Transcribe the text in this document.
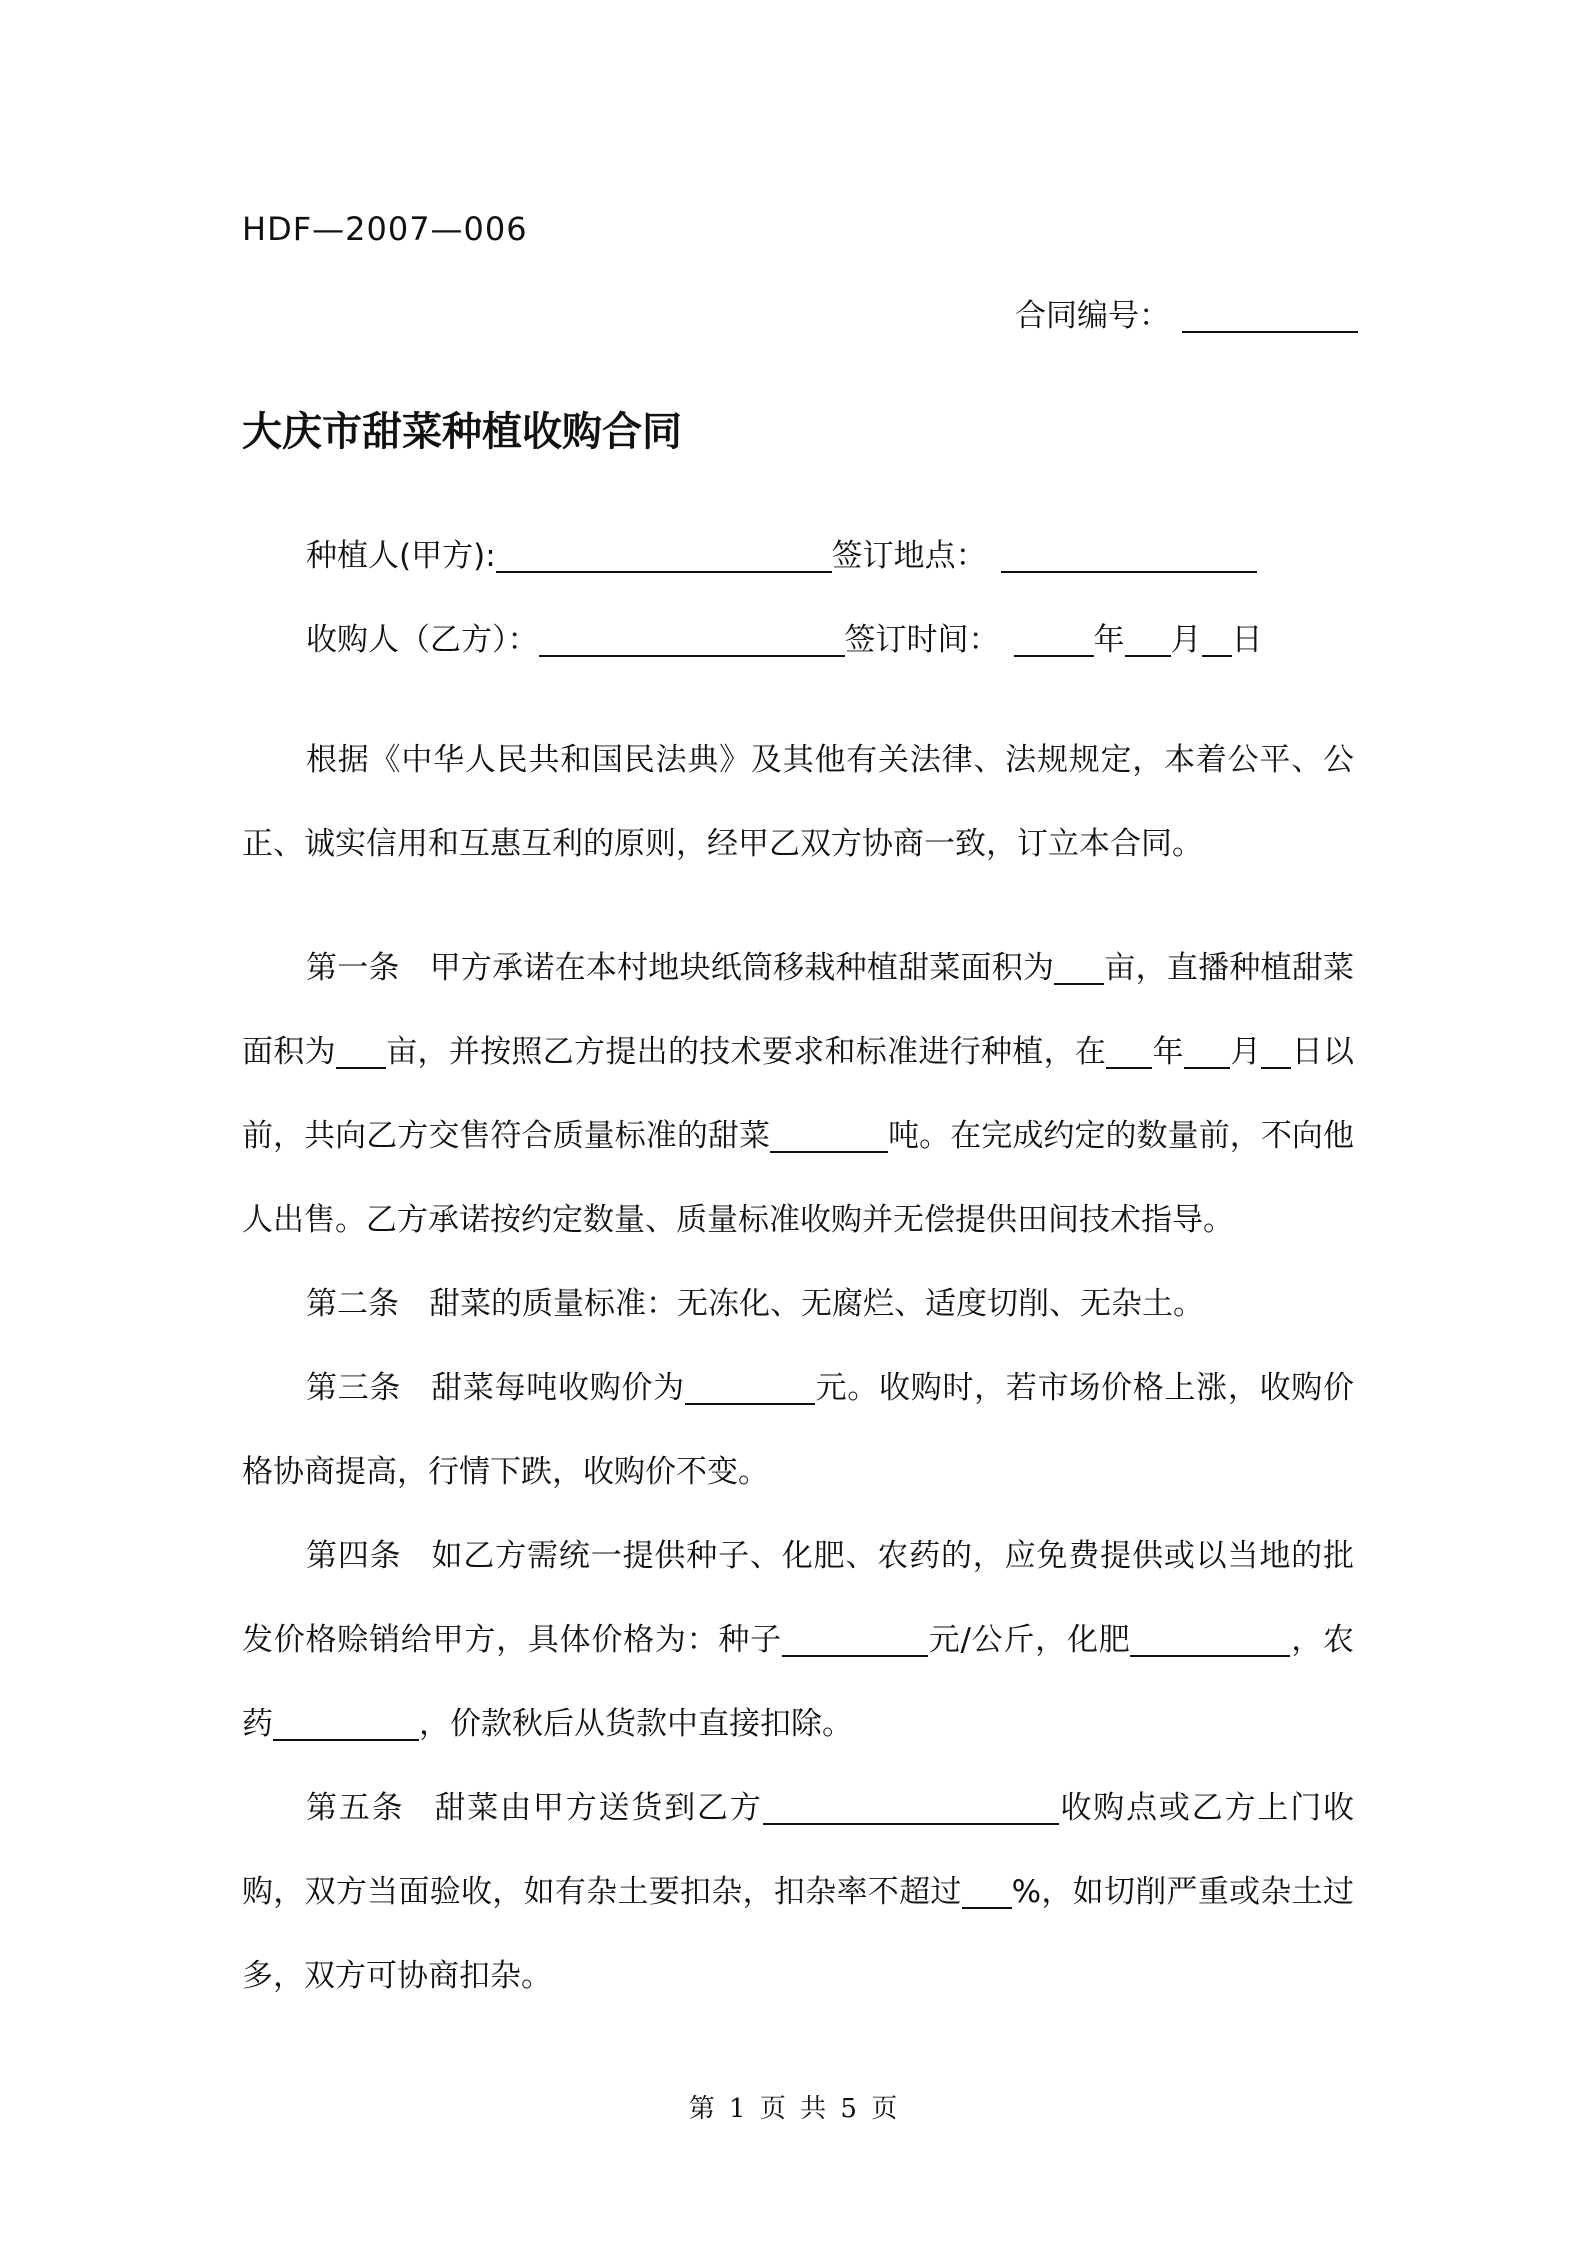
HDF—2007—006
合同编号：
大庆市甜菜种植收购合同
种植人(甲方):	签订地点：
收购人（乙方）：	签订时间：	年 月 日
根据《中华人民共和国民法典》及其他有关法律、法规规定，本着公平、公正、诚实信用和互惠互利的原则，经甲乙双方协商一致，订立本合同。
第一条 甲方承诺在本村地块纸筒移栽种植甜菜面积为 亩，直播种植甜菜面积为 亩，并按照乙方提出的技术要求和标准进行种植，在 年 月 日以前，共向乙方交售符合质量标准的甜菜	吨。在完成约定的数量前，不向他人出售。乙方承诺按约定数量、质量标准收购并无偿提供田间技术指导。
第二条 甜菜的质量标准：无冻化、无腐烂、适度切削、无杂土。
第三条 甜菜每吨收购价为	元。收购时，若市场价格上涨，收购价格协商提高，行情下跌，收购价不变。
第四条 如乙方需统一提供种子、化肥、农药的，应免费提供或以当地的批发价格赊销给甲方，具体价格为：种子	元/公斤，化肥	，农药	，价款秋后从货款中直接扣除。
第五条 甜菜由甲方送货到乙方	收购点或乙方上门收购，双方当面验收，如有杂土要扣杂，扣杂率不超过 %，如切削严重或杂土过多，双方可协商扣杂。
第 1 页 共 5 页
